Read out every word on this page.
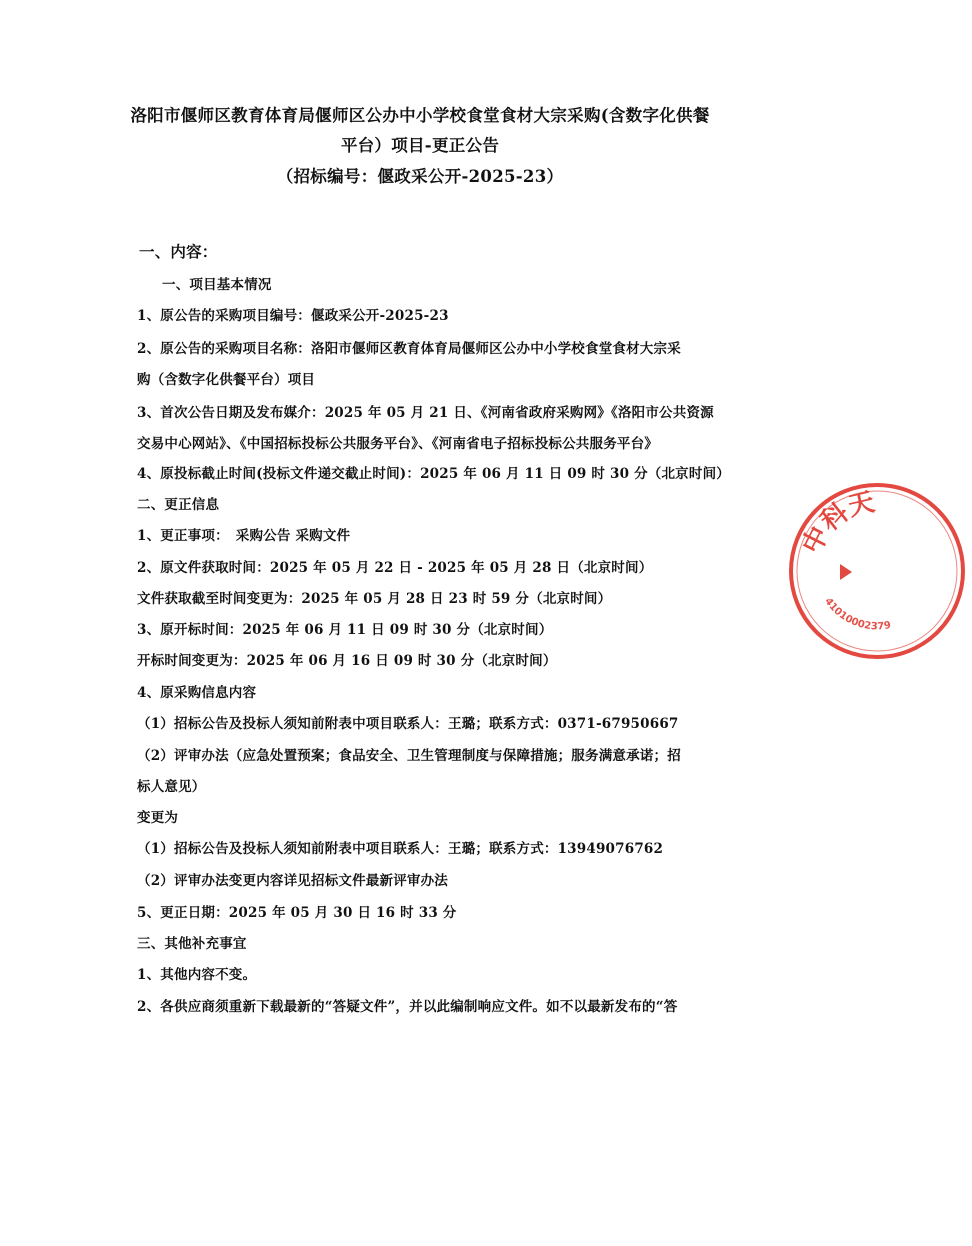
洛阳市偃师区教育体育局偃师区公办中小学校食堂食材大宗采购(含数字化供餐
平台）项目-更正公告
（招标编号：偃政采公开-2025-23）
一、内容：
一、项目基本情况
1、原公告的采购项目编号：偃政采公开-2025-23
2、原公告的采购项目名称：洛阳市偃师区教育体育局偃师区公办中小学校食堂食材大宗采
购（含数字化供餐平台）项目
3、首次公告日期及发布媒介：2025 年 05 月 21 日、《河南省政府采购网》《洛阳市公共资源
交易中心网站》、《中国招标投标公共服务平台》、《河南省电子招标投标公共服务平台》
4、原投标截止时间(投标文件递交截止时间)：2025 年 06 月 11 日 09 时 30 分（北京时间）
二、更正信息
1、更正事项：　采购公告 采购文件
2、原文件获取时间：2025 年 05 月 22 日 - 2025 年 05 月 28 日（北京时间）
文件获取截至时间变更为：2025 年 05 月 28 日 23 时 59 分（北京时间）
3、原开标时间：2025 年 06 月 11 日 09 时 30 分（北京时间）
开标时间变更为：2025 年 06 月 16 日 09 时 30 分（北京时间）
4、原采购信息内容
（1）招标公告及投标人须知前附表中项目联系人：王璐；联系方式：0371-67950667
（2）评审办法（应急处置预案；食品安全、卫生管理制度与保障措施；服务满意承诺；招
标人意见）
变更为
（1）招标公告及投标人须知前附表中项目联系人：王璐；联系方式：13949076762
（2）评审办法变更内容详见招标文件最新评审办法
5、更正日期：2025 年 05 月 30 日 16 时 33 分
三、其他补充事宜
1、其他内容不变。
2、各供应商须重新下载最新的“答疑文件”，并以此编制响应文件。如不以最新发布的“答
中科天
41010002379
